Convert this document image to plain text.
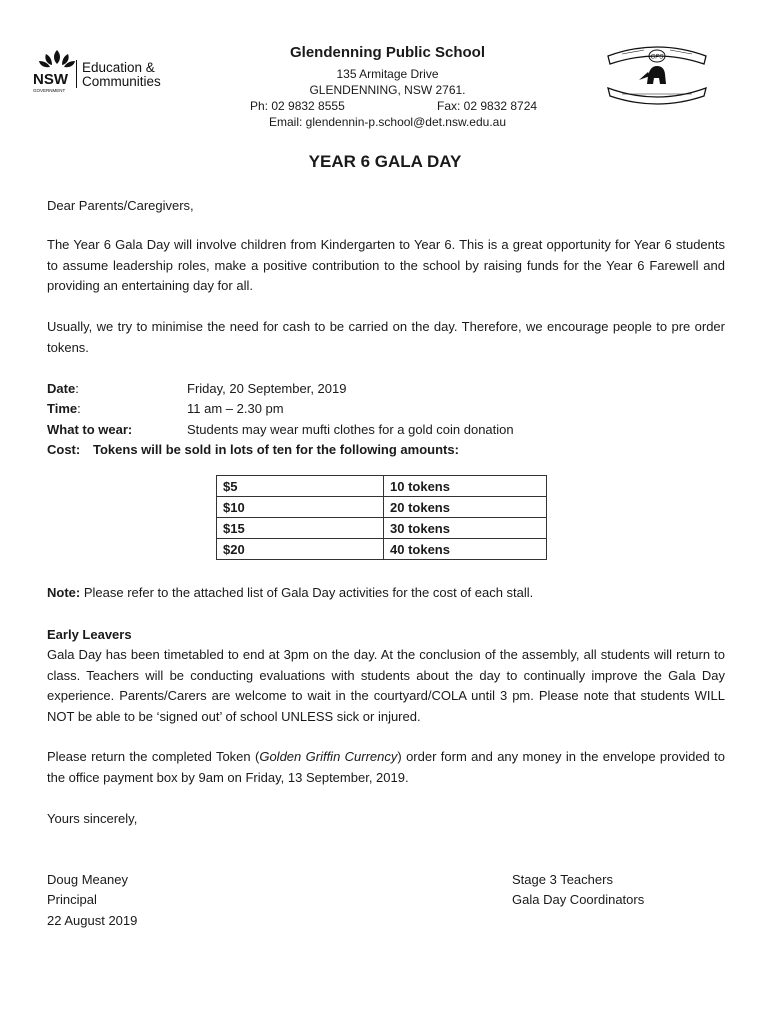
NSW
GOVERNMENT
Education &
Communities
Glendenning Public School
135 Armitage Drive
GLENDENNING, NSW 2761.
Ph: 02 9832 8555	Fax: 02 9832 8724
Email: glendennin-p.school@det.nsw.edu.au
GPS
YEAR 6 GALA DAY
Dear Parents/Caregivers,
The Year 6 Gala Day will involve children from Kindergarten to Year 6. This is a great opportunity for Year 6 students to assume leadership roles, make a positive contribution to the school by raising funds for the Year 6 Farewell and providing an entertaining day for all.
Usually, we try to minimise the need for cash to be carried on the day. Therefore, we encourage people to pre order tokens.
Date:	Friday, 20 September, 2019
Time:	11 am – 2.30 pm
What to wear:	Students may wear mufti clothes for a gold coin donation
Cost: Tokens will be sold in lots of ten for the following amounts:
$5	10 tokens
$10	20 tokens
$15	30 tokens
$20	40 tokens
Note: Please refer to the attached list of Gala Day activities for the cost of each stall.
Early Leavers
Gala Day has been timetabled to end at 3pm on the day. At the conclusion of the assembly, all students will return to class. Teachers will be conducting evaluations with students about the day to continually improve the Gala Day experience. Parents/Carers are welcome to wait in the courtyard/COLA until 3 pm. Please note that students WILL NOT be able to be ‘signed out’ of school UNLESS sick or injured.
Please return the completed Token (Golden Griffin Currency) order form and any money in the envelope provided to the office payment box by 9am on Friday, 13 September, 2019.
Yours sincerely,
Doug Meaney
Principal
22 August 2019
Stage 3 Teachers
Gala Day Coordinators
